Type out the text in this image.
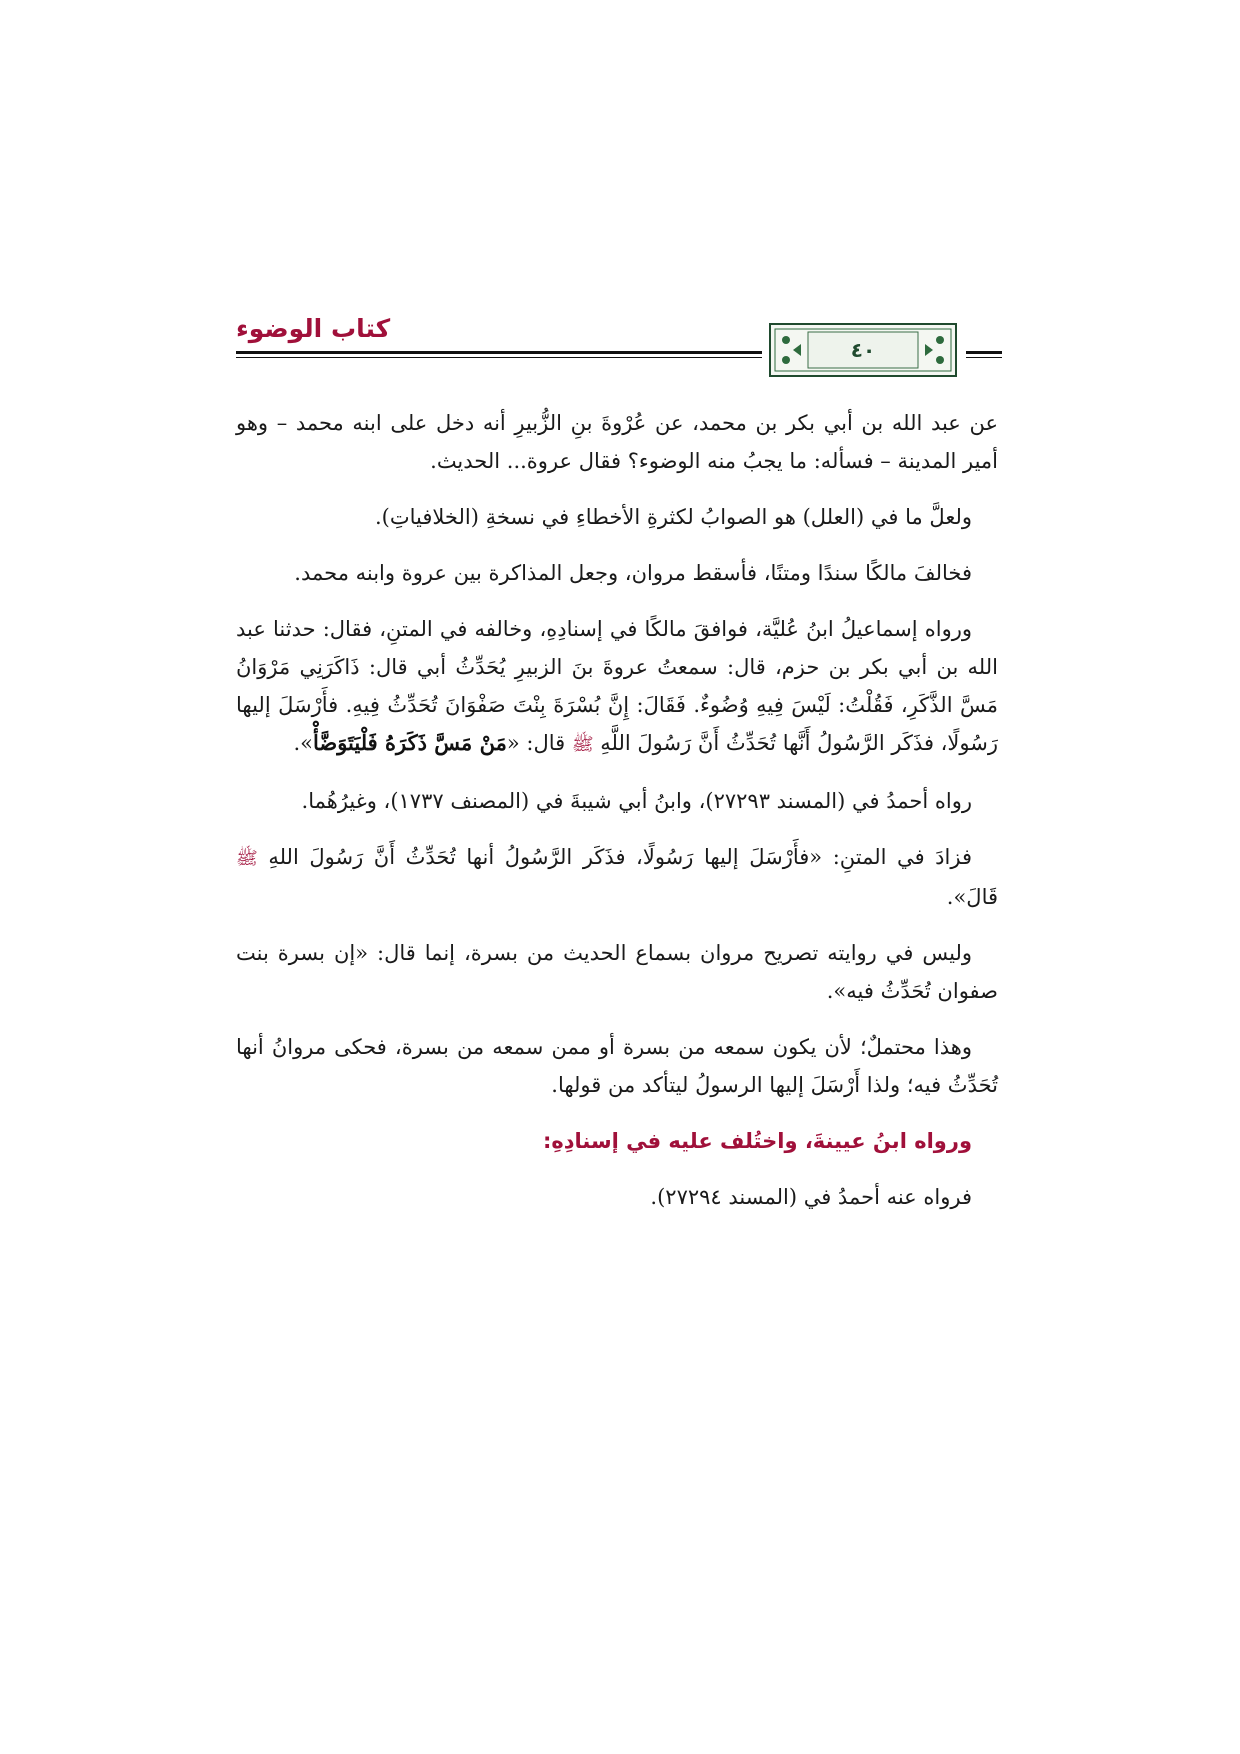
كتاب الوضوء
٤٠

عن عبد الله بن أبي بكر بن محمد، عن عُرْوةَ بنِ الزُّبيرِ أنه دخل على ابنه محمد – وهو أمير المدينة – فسأله: ما يجبُ منه الوضوء؟ فقال عروة... الحديث.

ولعلَّ ما في (العلل) هو الصوابُ لكثرةِ الأخطاءِ في نسخةِ (الخلافياتِ).

فخالفَ مالكًا سندًا ومتنًا، فأسقط مروان، وجعل المذاكرة بين عروة وابنه محمد.

ورواه إسماعيلُ ابنُ عُليَّة، فوافقَ مالكًا في إسنادِهِ، وخالفه في المتنِ، فقال: حدثنا عبد الله بن أبي بكر بن حزم، قال: سمعتُ عروةَ بنَ الزبيرِ يُحَدِّثُ أبي قال: ذَاكَرَنِي مَرْوَانُ مَسَّ الذَّكَرِ، فَقُلْتُ: لَيْسَ فِيهِ وُضُوءٌ. فَقَالَ: إِنَّ بُسْرَةَ بِنْتَ صَفْوَانَ تُحَدِّثُ فِيهِ. فأَرْسَلَ إليها رَسُولًا، فذَكَر الرَّسُولُ أَنَّها تُحَدِّثُ أَنَّ رَسُولَ اللَّهِ ﷺ قال: «مَنْ مَسَّ ذَكَرَهُ فَلْيَتَوَضَّأْ».

رواه أحمدُ في (المسند ٢٧٢٩٣)، وابنُ أبي شيبةَ في (المصنف ١٧٣٧)، وغيرُهُما.

فزادَ في المتنِ: «فأَرْسَلَ إليها رَسُولًا، فذَكَر الرَّسُولُ أنها تُحَدِّثُ أَنَّ رَسُولَ اللهِ ﷺ قَالَ».

وليس في روايته تصريح مروان بسماع الحديث من بسرة، إنما قال: «إن بسرة بنت صفوان تُحَدِّثُ فيه».

وهذا محتملٌ؛ لأن يكون سمعه من بسرة أو ممن سمعه من بسرة، فحكى مروانُ أنها تُحَدِّثُ فيه؛ ولذا أَرْسَلَ إليها الرسولُ ليتأكد من قولها.

ورواه ابنُ عيينةَ، واختُلف عليه في إسنادِهِ:

فرواه عنه أحمدُ في (المسند ٢٧٢٩٤).
